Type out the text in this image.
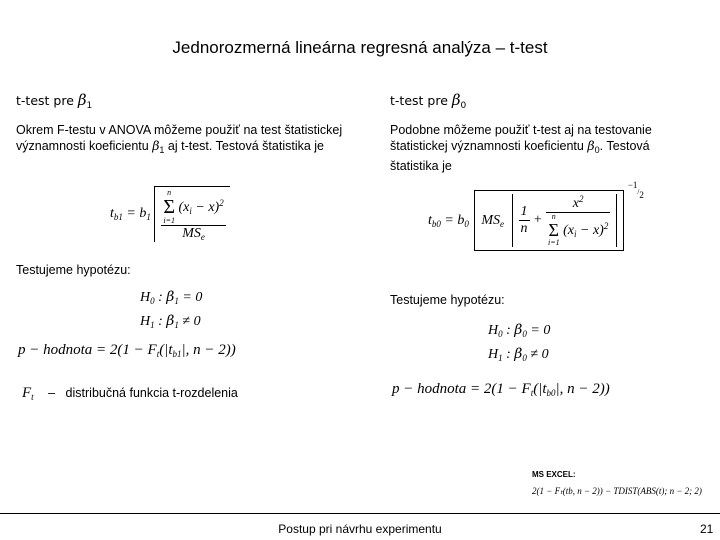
Jednorozmerná lineárna regresná analýza – t-test
t-test pre $\beta_1$
Okrem F-testu v ANOVA môžeme použiť na test štatistickej významnosti koeficientu $\beta_1$ aj t-test. Testová štatistika je
$t_{b1} = b_1$
n
Σ
i=1 $(x_i - x)^2$
$MS_e$
Testujeme hypotézu:
$H_0$ : $\beta_1 = 0$
$H_1$ : $\beta_1 \ne 0$
p − hodnota = $2(1 - F_t(|t_{b1}|$, n − 2))
$F_t$ – distribučná funkcia t-rozdelenia
t-test pre $\beta_0$
Podobne môžeme použiť t-test aj na testovanie štatistickej významnosti koeficientu $\beta_0$. Testová štatistika je
$t_{b0} = b_0$ $MS_e \frac{1}{n}$ +
$x^2$
n
Σ
i=1 $(x_i - x)^2$
$^{-1/2}$
Testujeme hypotézu:
$H_0$ : $\beta_0 = 0$
$H_1$ : $\beta_0 \ne 0$
p − hodnota = $2(1 - F_t(|t_{b0}|$, n − 2))
MS EXCEL:
2(1 − Fₜ(tb, n − 2)) − TDIST(ABS(t); n − 2; 2)
Postup pri návrhu experimentu	21
